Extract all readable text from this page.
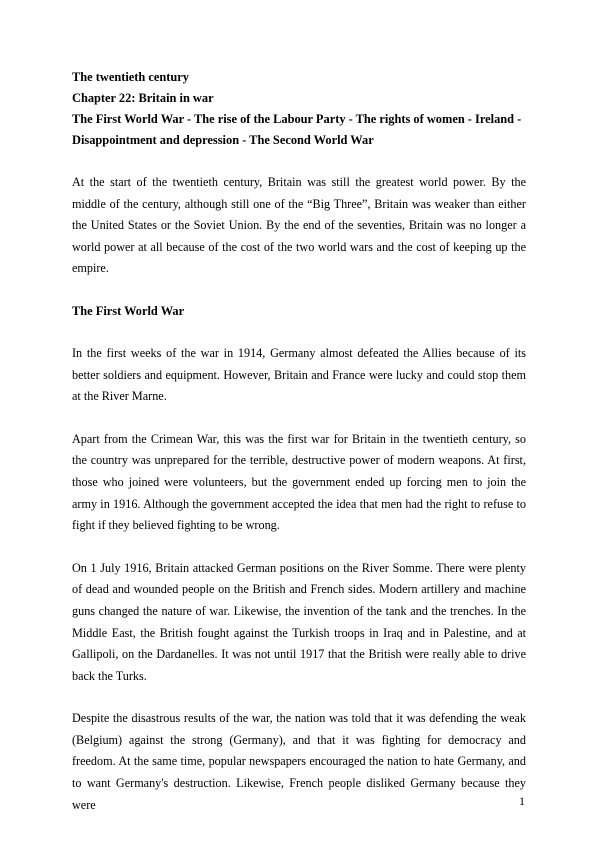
The twentieth century
Chapter 22: Britain in war
The First World War - The rise of the Labour Party - The rights of women - Ireland -
Disappointment and depression - The Second World War

At the start of the twentieth century, Britain was still the greatest world power. By the middle of the century, although still one of the “Big Three”, Britain was weaker than either the United States or the Soviet Union. By the end of the seventies, Britain was no longer a world power at all because of the cost of the two world wars and the cost of keeping up the empire.

The First World War

In the first weeks of the war in 1914, Germany almost defeated the Allies because of its better soldiers and equipment. However, Britain and France were lucky and could stop them at the River Marne.

Apart from the Crimean War, this was the first war for Britain in the twentieth century, so the country was unprepared for the terrible, destructive power of modern weapons. At first, those who joined were volunteers, but the government ended up forcing men to join the army in 1916. Although the government accepted the idea that men had the right to refuse to fight if they believed fighting to be wrong.

On 1 July 1916, Britain attacked German positions on the River Somme. There were plenty of dead and wounded people on the British and French sides. Modern artillery and machine guns changed the nature of war. Likewise, the invention of the tank and the trenches. In the Middle East, the British fought against the Turkish troops in Iraq and in Palestine, and at Gallipoli, on the Dardanelles. It was not until 1917 that the British were really able to drive back the Turks.

Despite the disastrous results of the war, the nation was told that it was defending the weak (Belgium) against the strong (Germany), and that it was fighting for democracy and freedom. At the same time, popular newspapers encouraged the nation to hate Germany, and to want Germany's destruction. Likewise, French people disliked Germany because they were	1
